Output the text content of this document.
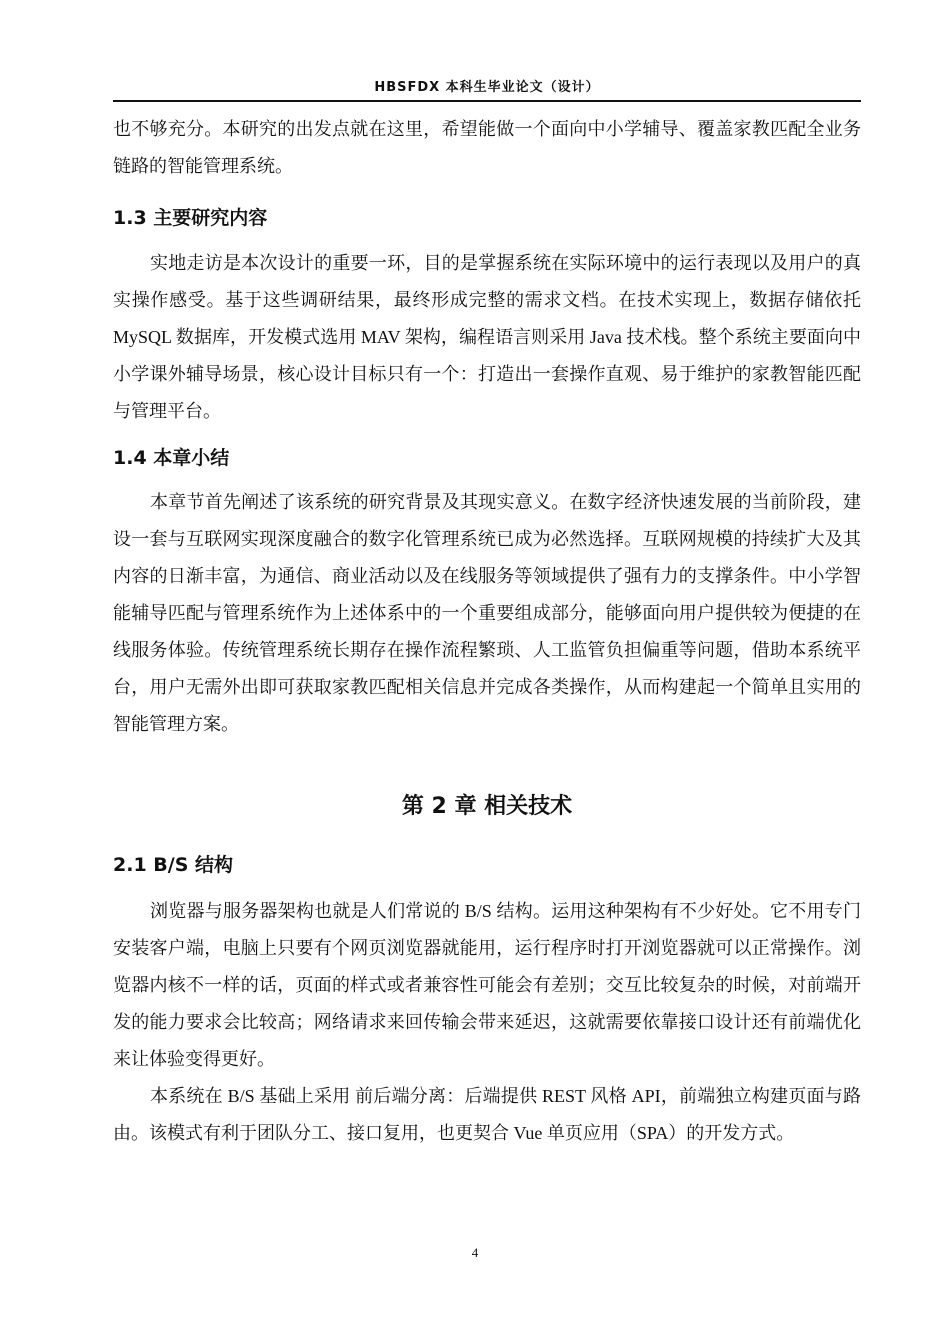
HBSFDX 本科生毕业论文（设计）

也不够充分。本研究的出发点就在这里，希望能做一个面向中小学辅导、覆盖家教匹配全业务链路的智能管理系统。

1.3 主要研究内容

实地走访是本次设计的重要一环，目的是掌握系统在实际环境中的运行表现以及用户的真实操作感受。基于这些调研结果，最终形成完整的需求文档。在技术实现上，数据存储依托 MySQL 数据库，开发模式选用 MAV 架构，编程语言则采用 Java 技术栈。整个系统主要面向中小学课外辅导场景，核心设计目标只有一个：打造出一套操作直观、易于维护的家教智能匹配与管理平台。

1.4 本章小结

本章节首先阐述了该系统的研究背景及其现实意义。在数字经济快速发展的当前阶段，建设一套与互联网实现深度融合的数字化管理系统已成为必然选择。互联网规模的持续扩大及其内容的日渐丰富，为通信、商业活动以及在线服务等领域提供了强有力的支撑条件。中小学智能辅导匹配与管理系统作为上述体系中的一个重要组成部分，能够面向用户提供较为便捷的在线服务体验。传统管理系统长期存在操作流程繁琐、人工监管负担偏重等问题，借助本系统平台，用户无需外出即可获取家教匹配相关信息并完成各类操作，从而构建起一个简单且实用的智能管理方案。

第 2 章 相关技术
2.1 B/S 结构

浏览器与服务器架构也就是人们常说的 B/S 结构。运用这种架构有不少好处。它不用专门安装客户端，电脑上只要有个网页浏览器就能用，运行程序时打开浏览器就可以正常操作。浏览器内核不一样的话，页面的样式或者兼容性可能会有差别；交互比较复杂的时候，对前端开发的能力要求会比较高；网络请求来回传输会带来延迟，这就需要依靠接口设计还有前端优化来让体验变得更好。

本系统在 B/S 基础上采用 前后端分离：后端提供 REST 风格 API，前端独立构建页面与路由。该模式有利于团队分工、接口复用，也更契合 Vue 单页应用（SPA）的开发方式。

4
